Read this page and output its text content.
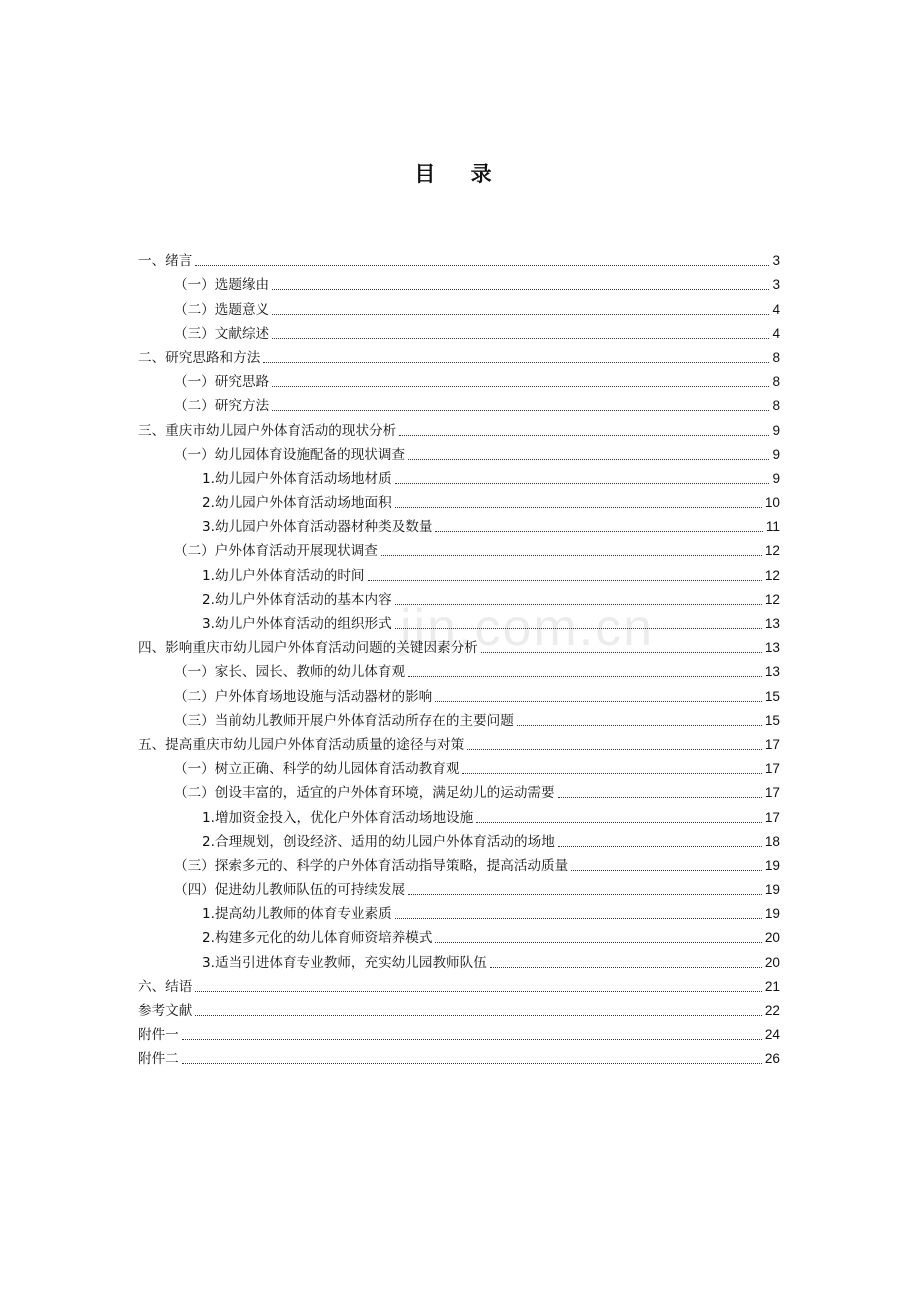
目 录
一、绪言	3
（一）选题缘由	3
（二）选题意义	4
（三）文献综述	4
二、研究思路和方法	8
（一）研究思路	8
（二）研究方法	8
三、重庆市幼儿园户外体育活动的现状分析	9
（一）幼儿园体育设施配备的现状调查	9
1.幼儿园户外体育活动场地材质	9
2.幼儿园户外体育活动场地面积	10
3.幼儿园户外体育活动器材种类及数量	11
（二）户外体育活动开展现状调查	12
1.幼儿户外体育活动的时间	12
2.幼儿户外体育活动的基本内容	12
3.幼儿户外体育活动的组织形式	13
四、影响重庆市幼儿园户外体育活动问题的关键因素分析	13
（一）家长、园长、教师的幼儿体育观	13
（二）户外体育场地设施与活动器材的影响	15
（三）当前幼儿教师开展户外体育活动所存在的主要问题	15
五、提高重庆市幼儿园户外体育活动质量的途径与对策	17
（一）树立正确、科学的幼儿园体育活动教育观	17
（二）创设丰富的，适宜的户外体育环境，满足幼儿的运动需要	17
1.增加资金投入，优化户外体育活动场地设施	17
2.合理规划，创设经济、适用的幼儿园户外体育活动的场地	18
（三）探索多元的、科学的户外体育活动指导策略，提高活动质量	19
（四）促进幼儿教师队伍的可持续发展	19
1.提高幼儿教师的体育专业素质	19
2.构建多元化的幼儿体育师资培养模式	20
3.适当引进体育专业教师，充实幼儿园教师队伍	20
六、结语	21
参考文献	22
附件一	24
附件二	26
jin.com.cn
